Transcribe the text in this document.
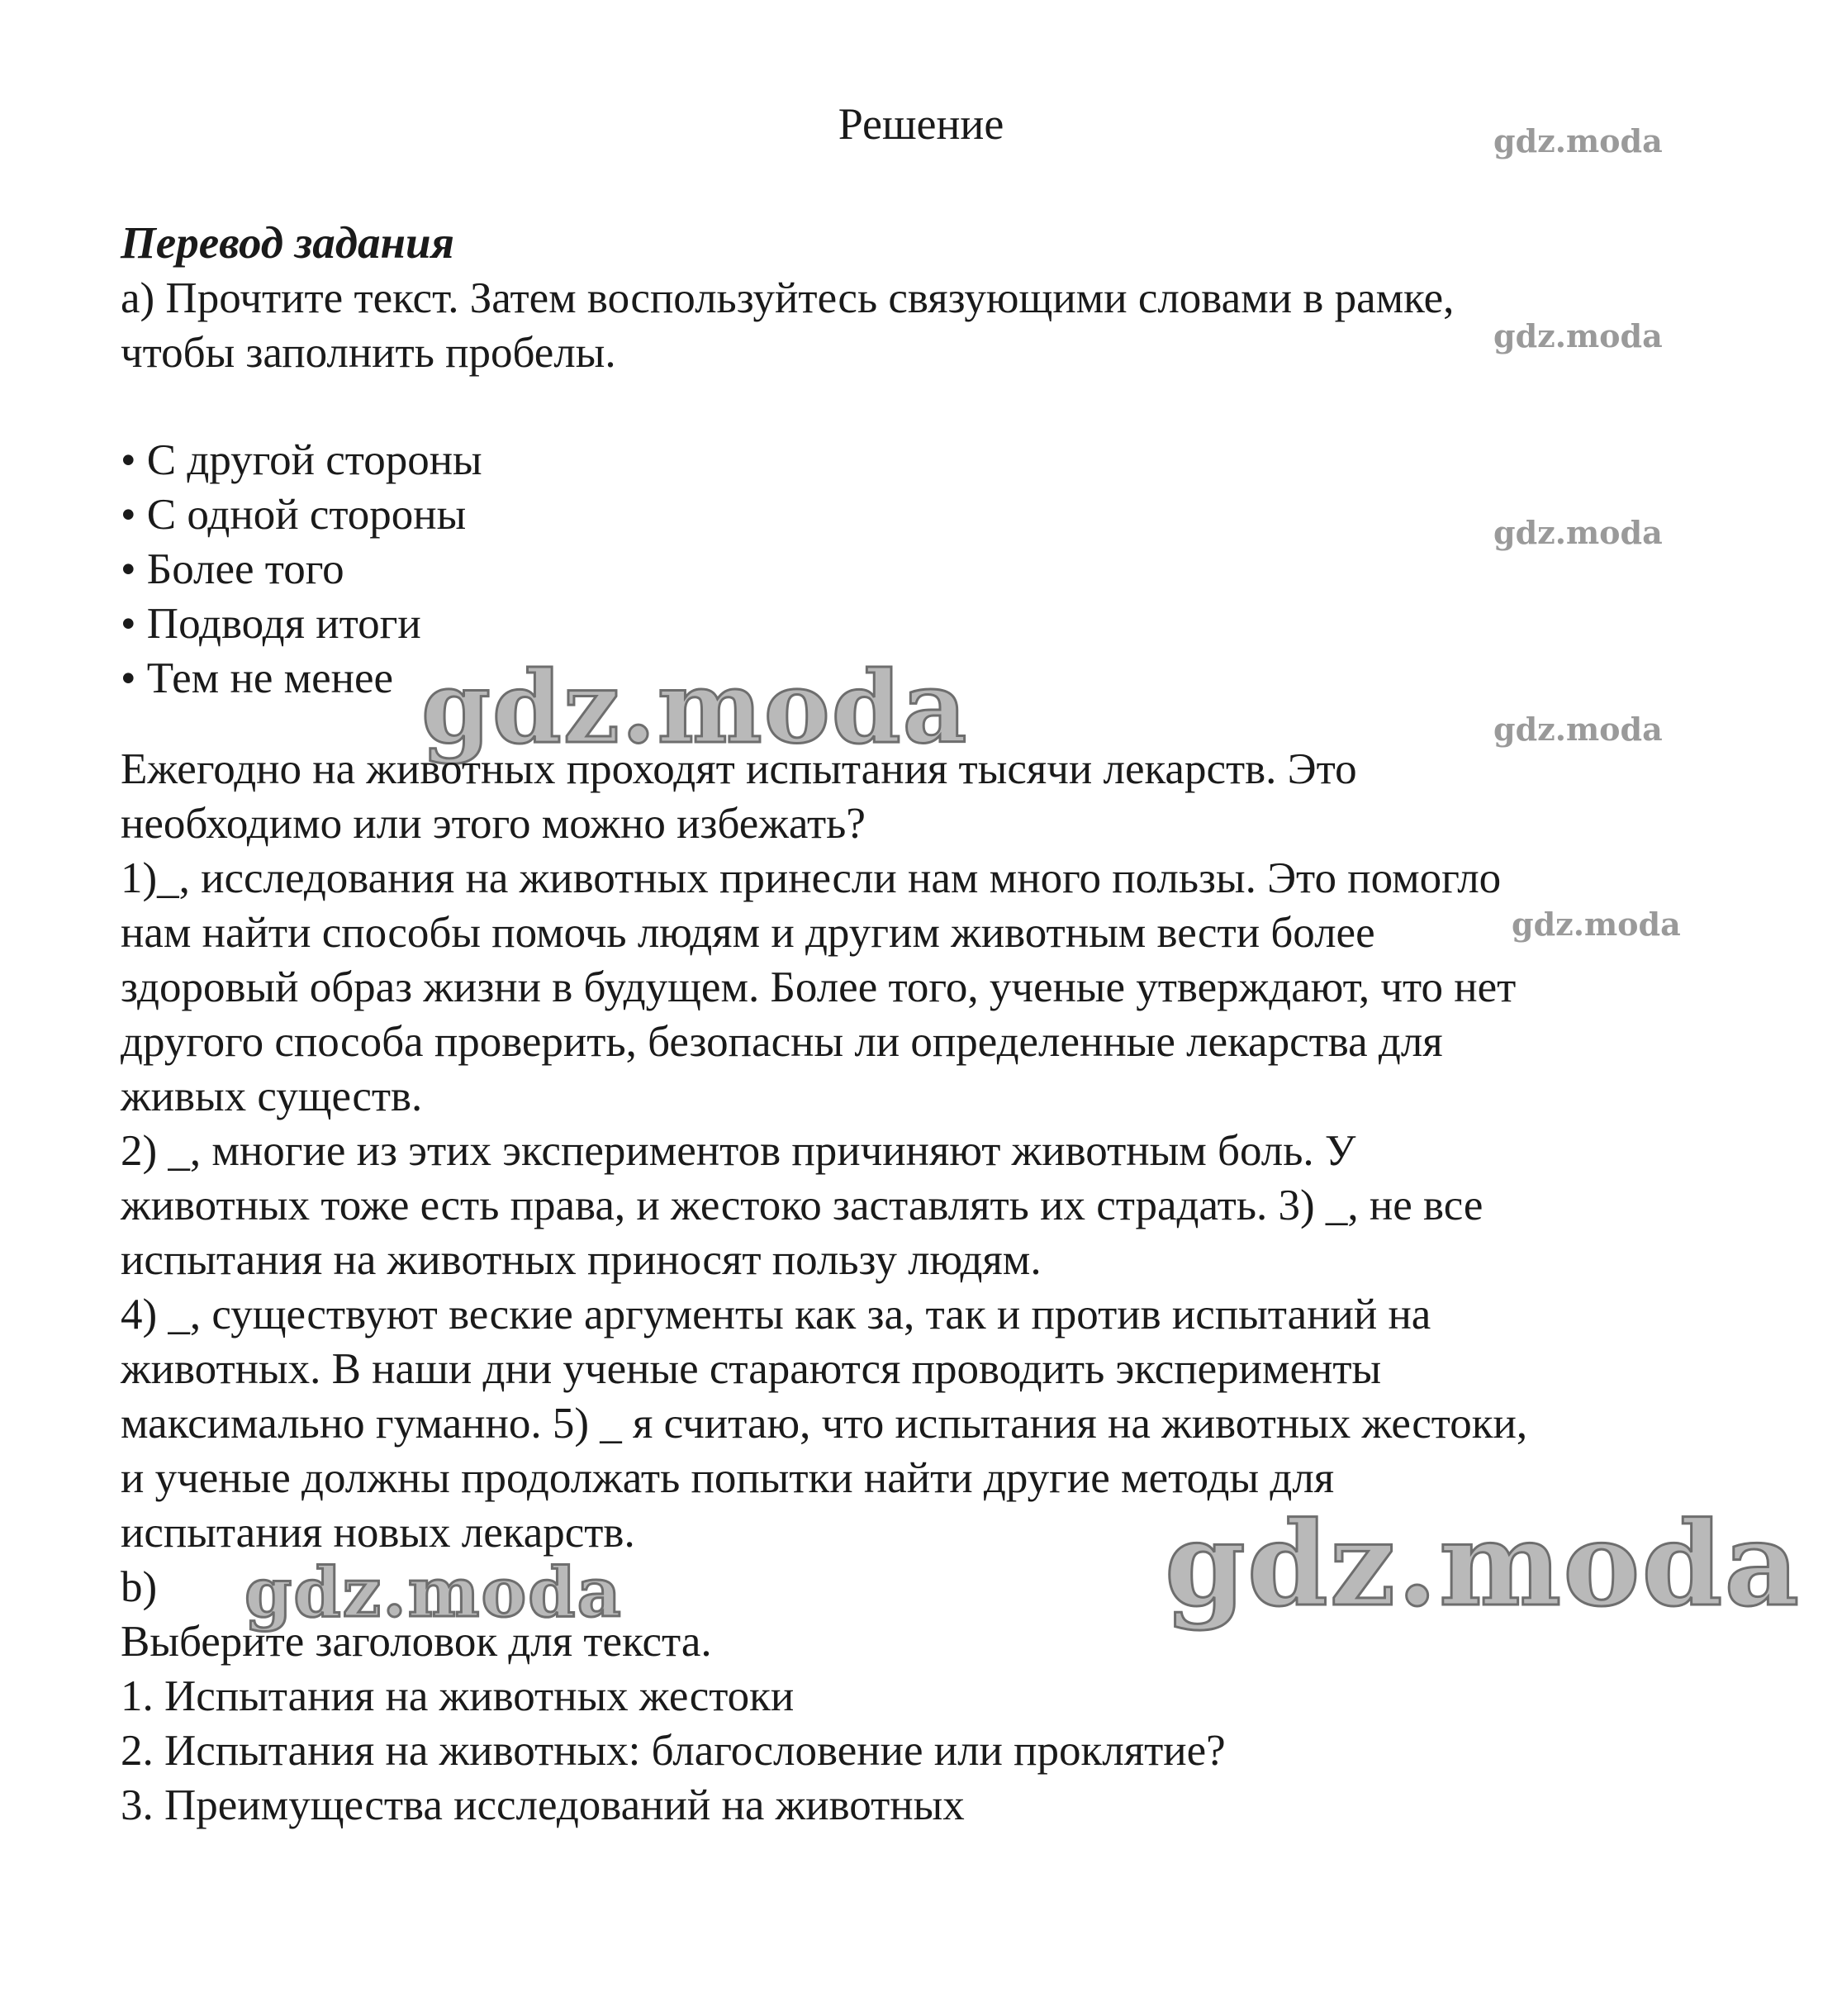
Решение	gdz.moda
gdz.moda
gdz.moda
gdz.moda
gdz.moda
Перевод задания
a) Прочтите текст. Затем воспользуйтесь связующими словами в рамке,
чтобы заполнить пробелы.
• С другой стороны
• С одной стороны
• Более того
• Подводя итоги
• Тем не менее gdz.moda
Ежегодно на животных проходят испытания тысячи лекарств. Это
необходимо или этого можно избежать?
1)_, исследования на животных принесли нам много пользы. Это помогло
нам найти способы помочь людям и другим животным вести более
здоровый образ жизни в будущем. Более того, ученые утверждают, что нет
другого способа проверить, безопасны ли определенные лекарства для
живых существ.
2) _, многие из этих экспериментов причиняют животным боль. У
животных тоже есть права, и жестоко заставлять их страдать. 3) _, не все
испытания на животных приносят пользу людям.
4) _, существуют веские аргументы как за, так и против испытаний на
животных. В наши дни ученые стараются проводить эксперименты
максимально гуманно. 5) _ я считаю, что испытания на животных жестоки,
и ученые должны продолжать попытки найти другие методы для
испытания новых лекарств.	gdz.moda
b) gdz.moda
Выберите заголовок для текста.
1. Испытания на животных жестоки
2. Испытания на животных: благословение или проклятие?
3. Преимущества исследований на животных
